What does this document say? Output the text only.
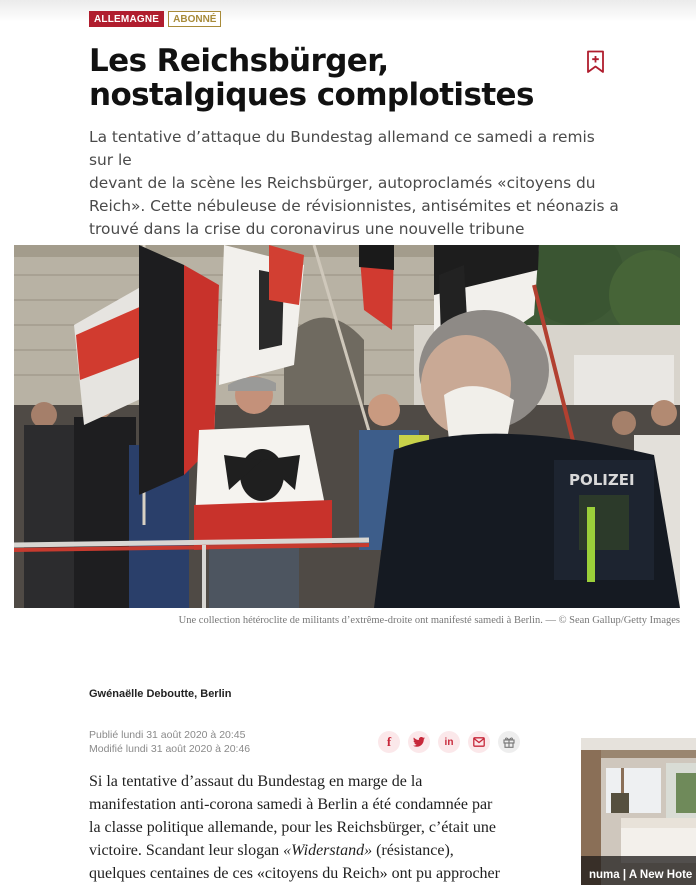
ALLEMAGNE	ABONNÉ
Les Reichsbürger,
nostalgiques complotistes

La tentative d’attaque du Bundestag allemand ce samedi a remis sur le
devant de la scène les Reichsbürger, autoproclamés «citoyens du
Reich». Cette nébuleuse de révisionnistes, antisémites et néonazis a
trouvé dans la crise du coronavirus une nouvelle tribune

POLIZEI

Une collection hétéroclite de militants d’extrême-droite ont manifesté samedi à Berlin. — © Sean Gallup/Getty Images

Gwénaëlle Deboutte, Berlin

Publié lundi 31 août 2020 à 20:45
Modifié lundi 31 août 2020 à 20:46	f	in
Si la tentative d’assaut du Bundestag en marge de la
manifestation anti-corona samedi à Berlin a été condamnée par
la classe politique allemande, pour les Reichsbürger, c’était une
victoire. Scandant leur slogan «Widerstand» (résistance),
quelques centaines de ces «citoyens du Reich» ont pu approcher	numa | A New Hote
